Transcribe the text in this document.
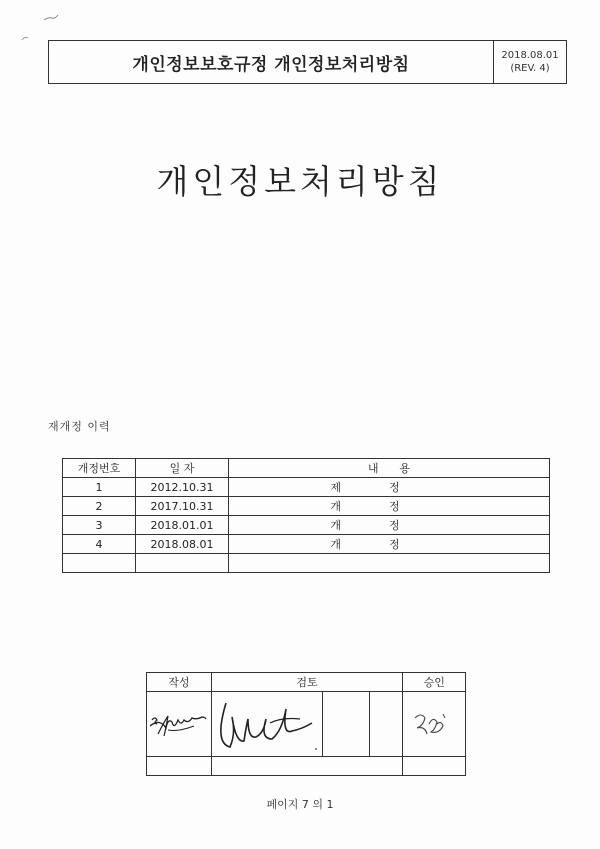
개인정보보호규정 개인정보처리방침	2018.08.01
(REV. 4)
개인정보처리방침
재개정 이력
개정번호	일 자	내      용
1	2012.10.31	제정
2	2017.10.31	개정
3	2018.01.01	개정
4	2018.08.01	개정

작성	검토			승인

페이지 7 의 1
